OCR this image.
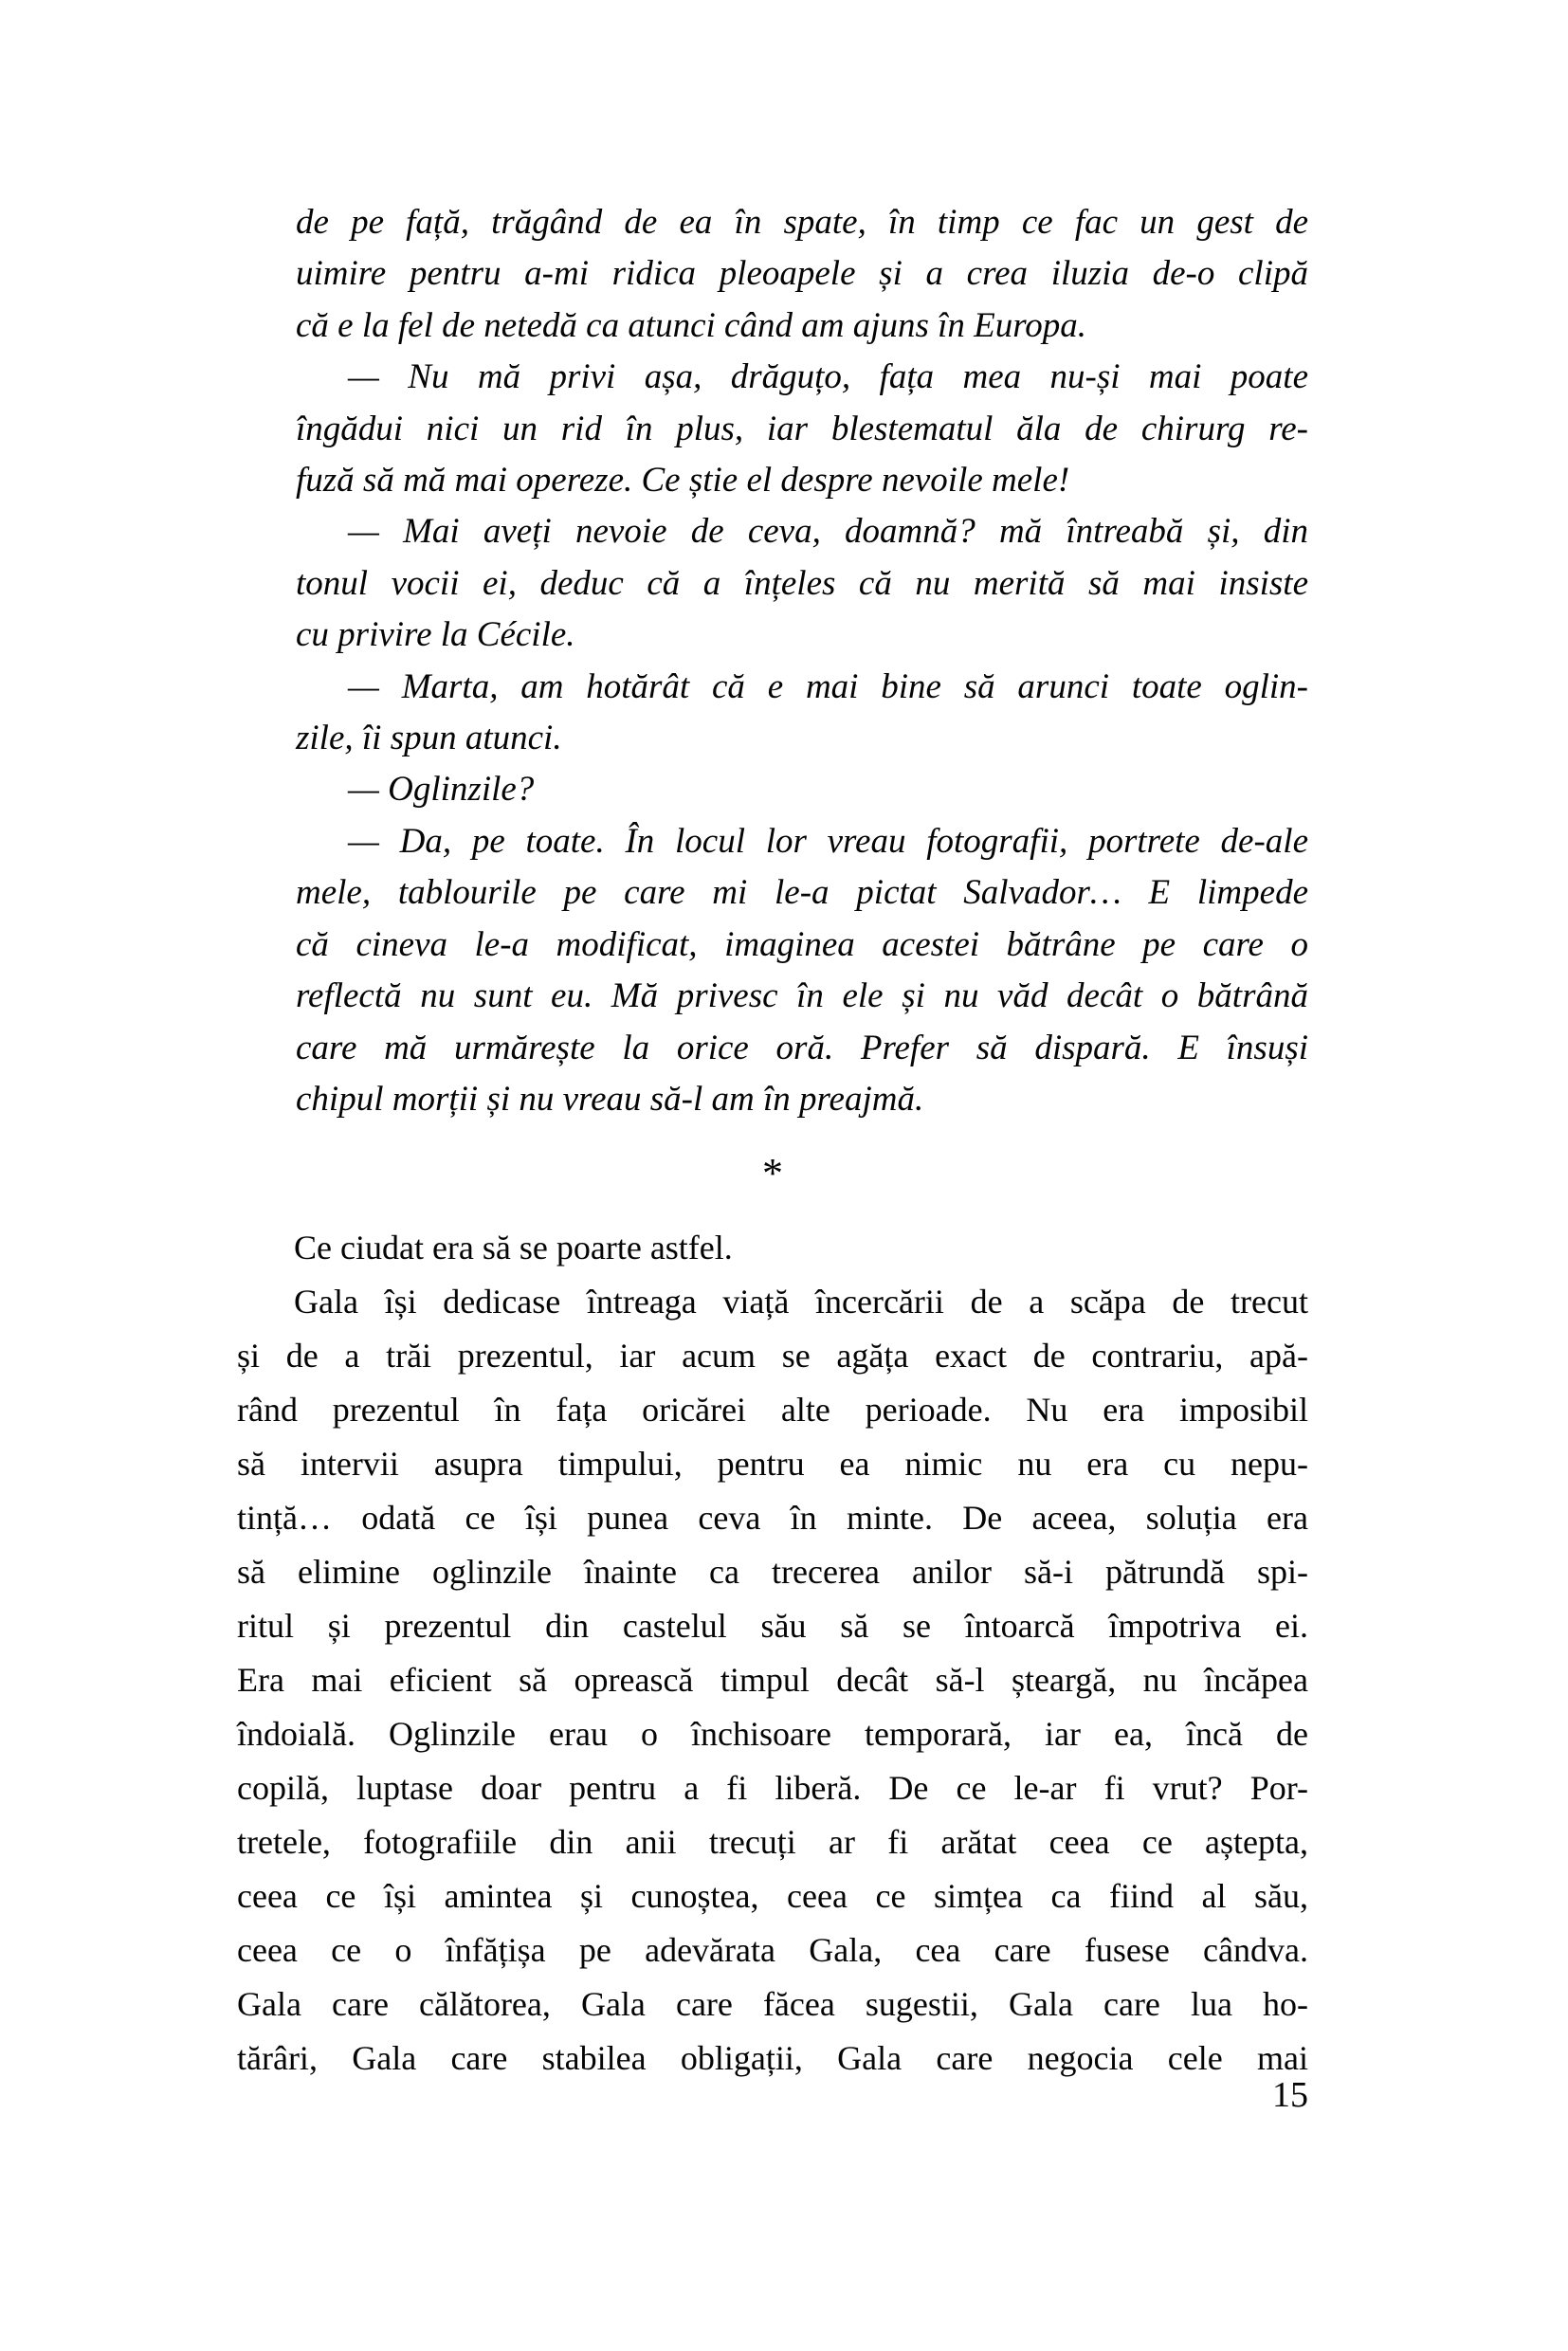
de pe față, trăgând de ea în spate, în timp ce fac un gest de
uimire pentru a-mi ridica pleoapele și a crea iluzia de-o clipă
că e la fel de netedă ca atunci când am ajuns în Europa.
— Nu mă privi așa, drăguțo, fața mea nu-și mai poate
îngădui nici un rid în plus, iar blestematul ăla de chirurg re-
fuză să mă mai opereze. Ce știe el despre nevoile mele!
— Mai aveți nevoie de ceva, doamnă? mă întreabă și, din
tonul vocii ei, deduc că a înțeles că nu merită să mai insiste
cu privire la Cécile.
— Marta, am hotărât că e mai bine să arunci toate oglin-
zile, îi spun atunci.
— Oglinzile?
— Da, pe toate. În locul lor vreau fotografii, portrete de-ale
mele, tablourile pe care mi le-a pictat Salvador… E limpede
că cineva le-a modificat, imaginea acestei bătrâne pe care o
reflectă nu sunt eu. Mă privesc în ele și nu văd decât o bătrână
care mă urmărește la orice oră. Prefer să dispară. E însuși
chipul morții și nu vreau să-l am în preajmă.
*
Ce ciudat era să se poarte astfel.
Gala își dedicase întreaga viață încercării de a scăpa de trecut
și de a trăi prezentul, iar acum se agăța exact de contrariu, apă-
rând prezentul în fața oricărei alte perioade. Nu era imposibil
să intervii asupra timpului, pentru ea nimic nu era cu nepu-
tință… odată ce își punea ceva în minte. De aceea, soluția era
să elimine oglinzile înainte ca trecerea anilor să-i pătrundă spi-
ritul și prezentul din castelul său să se întoarcă împotriva ei.
Era mai eficient să oprească timpul decât să-l șteargă, nu încăpea
îndoială. Oglinzile erau o închisoare temporară, iar ea, încă de
copilă, luptase doar pentru a fi liberă. De ce le-ar fi vrut? Por-
tretele, fotografiile din anii trecuți ar fi arătat ceea ce aștepta,
ceea ce își amintea și cunoștea, ceea ce simțea ca fiind al său,
ceea ce o înfățișa pe adevărata Gala, cea care fusese cândva.
Gala care călătorea, Gala care făcea sugestii, Gala care lua ho-
tărâri, Gala care stabilea obligații, Gala care negocia cele mai
15
